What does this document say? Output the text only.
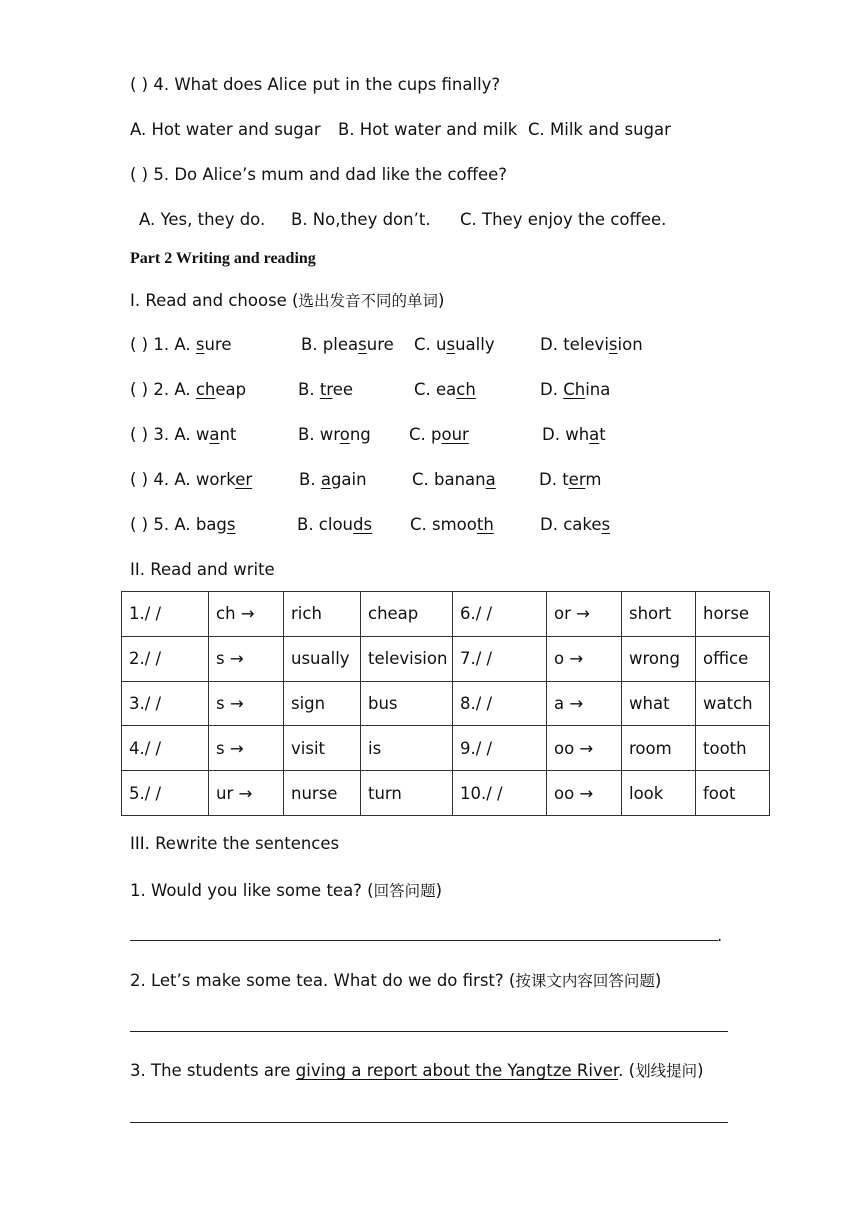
( ) 4. What does Alice put in the cups finally?
A. Hot water and sugar B. Hot water and milk C. Milk and sugar
( ) 5. Do Alice’s mum and dad like the coffee?
A. Yes, they do. B. No,they don’t. C. They enjoy the coffee.
Part 2 Writing and reading
I. Read and choose (选出发音不同的单词)
( ) 1. A. sure	B. pleasure C. usually	D. television
( ) 2. A. cheap	B. tree	C. each	D. China
( ) 3. A. want	B. wrong C. pour	D. what
( ) 4. A. worker	B. again	C. banana	D. term
( ) 5. A. bags	B. clouds C. smooth	D. cakes
II. Read and write
1./ /	ch →	rich	cheap	6./ /	or →	short	horse
2./ /	s →	usually	television	7./ /	o →	wrong	office
3./ /	s →	sign	bus	8./ /	a →	what	watch
4./ /	s →	visit	is	9./ /	oo →	room	tooth
5./ /	ur →	nurse	turn	10./ /	oo →	look	foot
III. Rewrite the sentences
1. Would you like some tea? (回答问题)
.
2. Let’s make some tea. What do we do first? (按课文内容回答问题)
3. The students are giving a report about the Yangtze River. (划线提问)
